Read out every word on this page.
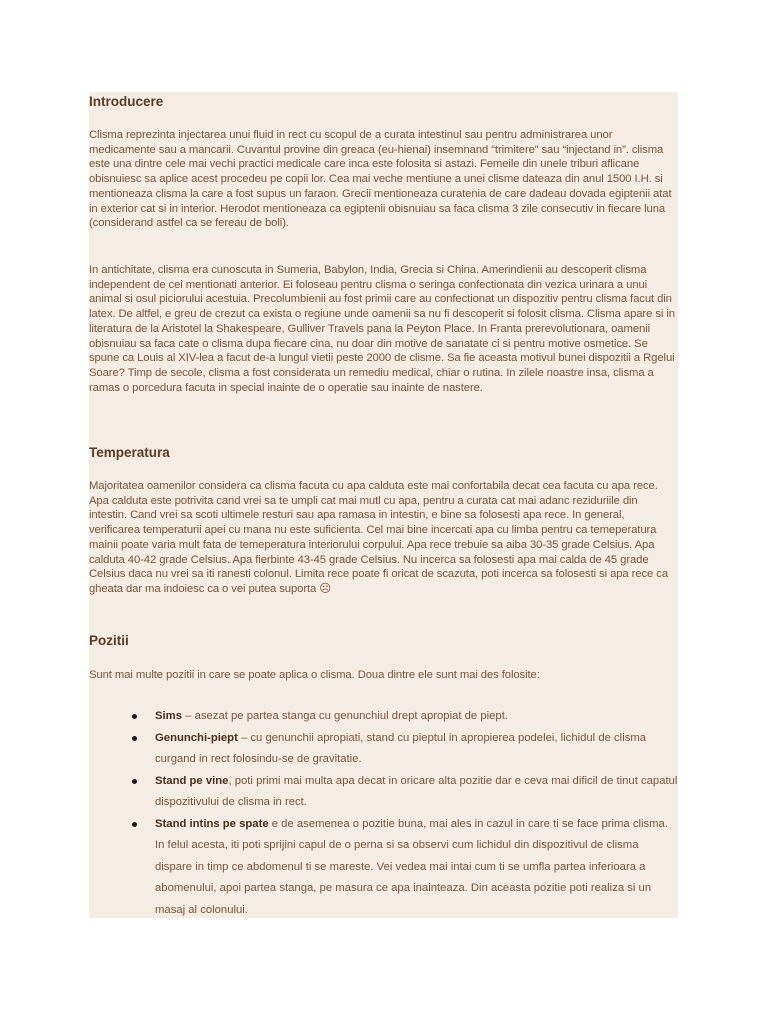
Introducere

Clisma reprezinta injectarea unui fluid in rect cu scopul de a curata intestinul sau pentru administrarea unor medicamente sau a mancarii. Cuvantul provine din greaca (eu-hienai) insemnand “trimitere” sau “injectand in”. clisma este una dintre cele mai vechi practici medicale care inca este folosita si astazi. Femeile din unele triburi aflicane obisnuiesc sa aplice acest procedeu pe copii lor. Cea mai veche mentiune a unei clisme dateaza din anul 1500 I.H. si mentioneaza clisma la care a fost supus un faraon. Grecii mentioneaza curatenia de care dadeau dovada egiptenii atat in exterior cat si in interior. Herodot mentioneaza ca egiptenii obisnuiau sa faca clisma 3 zile consecutiv in fiecare luna (considerand astfel ca se fereau de boli).

In antichitate, clisma era cunoscuta in Sumeria, Babylon, India, Grecia si China. Amerindienii au descoperit clisma independent de cei mentionati anterior. Ei foloseau pentru clisma o seringa confectionata din vezica urinara a unui animal si osul piciorului acestuia. Precolumbienii au fost primii care au confectionat un dispozitiv pentru clisma facut din latex. De altfel, e greu de crezut ca exista o regiune unde oamenii sa nu fi descoperit si folosit clisma. Clisma apare si in literatura de la Aristotel la Shakespeare, Gulliver Travels pana la Peyton Place. In Franta prerevolutionara, oamenii obisnuiau sa faca cate o clisma dupa fiecare cina, nu doar din motive de sanatate ci si pentru motive osmetice. Se spune ca Louis al XIV-lea a facut de-a lungul vietii peste 2000 de clisme. Sa fie aceasta motivul bunei dispozitii a Rgelui Soare? Timp de secole, clisma a fost considerata un remediu medical, chiar o rutina. In zilele noastre insa, clisma a ramas o porcedura facuta in special inainte de o operatie sau inainte de nastere.

Temperatura

Majoritatea oamenilor considera ca clisma facuta cu apa calduta este mai confortabila decat cea facuta cu apa rece. Apa calduta este potrivita cand vrei sa te umpli cat mai mutl cu apa, pentru a curata cat mai adanc reziduriile din intestin. Cand vrei sa scoti ultimele resturi sau apa ramasa in intestin, e bine sa folosesti apa rece. In general, verificarea temperaturii apei cu mana nu este suficienta. Cel mai bine incercati apa cu limba pentru ca temeperatura mainii poate varia mult fata de temeperatura interiorului corpului. Apa rece trebuie sa aiba 30-35 grade Celsius. Apa calduta 40-42 grade Celsius. Apa fierbinte 43-45 grade Celsius. Nu incerca sa folosesti apa mai calda de 45 grade Celsius daca nu vrei sa iti ranesti colonul. Limita rece poate fi oricat de scazuta, poti incerca sa folosesti si apa rece ca gheata dar ma indoiesc ca o vei putea suporta ☹

Pozitii

Sunt mai multe pozitii in care se poate aplica o clisma. Doua dintre ele sunt mai des folosite:

Sims – asezat pe partea stanga cu genunchiul drept apropiat de piept.
Genunchi-piept – cu genunchii apropiati, stand cu pieptul in apropierea podelei, lichidul de clisma curgand in rect folosindu-se de gravitatie.
Stand pe vine, poti primi mai multa apa decat in oricare alta pozitie dar e ceva mai dificil de tinut capatul dispozitivului de clisma in rect.
Stand intins pe spate e de asemenea o pozitie buna, mai ales in cazul in care ti se face prima clisma. In felul acesta, iti poti sprijini capul de o perna si sa observi cum lichidul din dispozitivul de clisma dispare in timp ce abdomenul ti se mareste. Vei vedea mai intai cum ti se umfla partea inferioara a abomenului, apoi partea stanga, pe masura ce apa inainteaza. Din aceasta pozitie poti realiza si un masaj al colonului.
